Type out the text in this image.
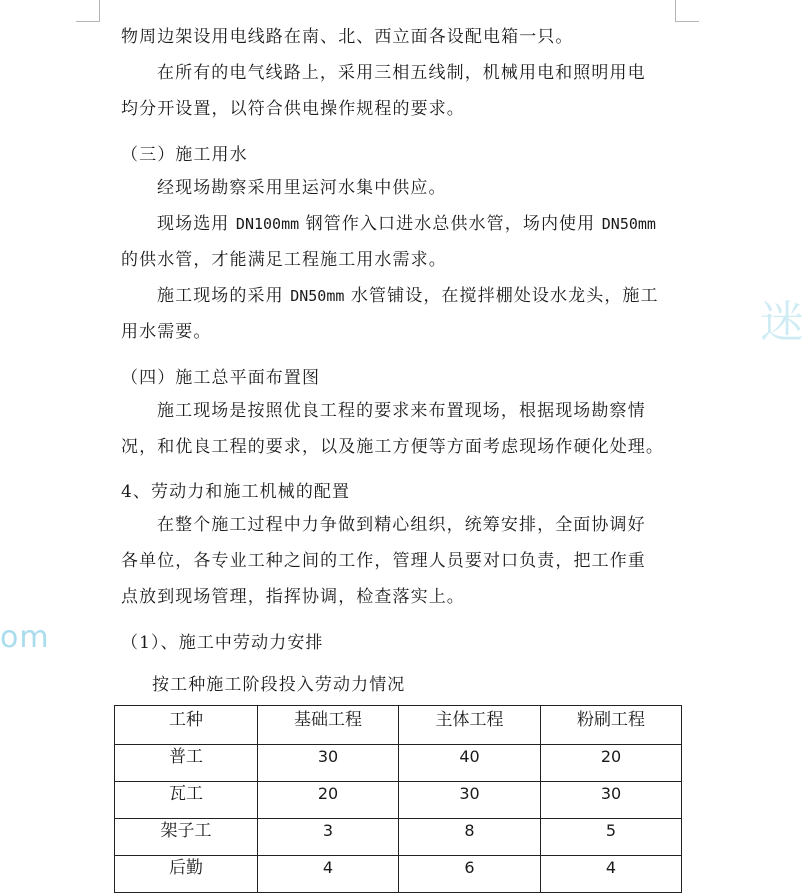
物周边架设用电线路在南、北、西立面各设配电箱一只。
在所有的电气线路上，采用三相五线制，机械用电和照明用电
均分开设置，以符合供电操作规程的要求。
（三）施工用水
经现场勘察采用里运河水集中供应。
现场选用 DN100mm 钢管作入口进水总供水管，场内使用 DN50mm
的供水管，才能满足工程施工用水需求。
施工现场的采用 DN50mm 水管铺设，在搅拌棚处设水龙头，施工
用水需要。
（四）施工总平面布置图
施工现场是按照优良工程的要求来布置现场，根据现场勘察情
况，和优良工程的要求，以及施工方便等方面考虑现场作硬化处理。
4、劳动力和施工机械的配置
在整个施工过程中力争做到精心组织，统筹安排，全面协调好
各单位，各专业工种之间的工作，管理人员要对口负责，把工作重
点放到现场管理，指挥协调，检查落实上。
（1）、施工中劳动力安排
按工种施工阶段投入劳动力情况
om
迷
工种	基础工程	主体工程	粉刷工程
普工	30	40	20
瓦工	20	30	30
架子工	3	8	5
后勤	4	6	4
